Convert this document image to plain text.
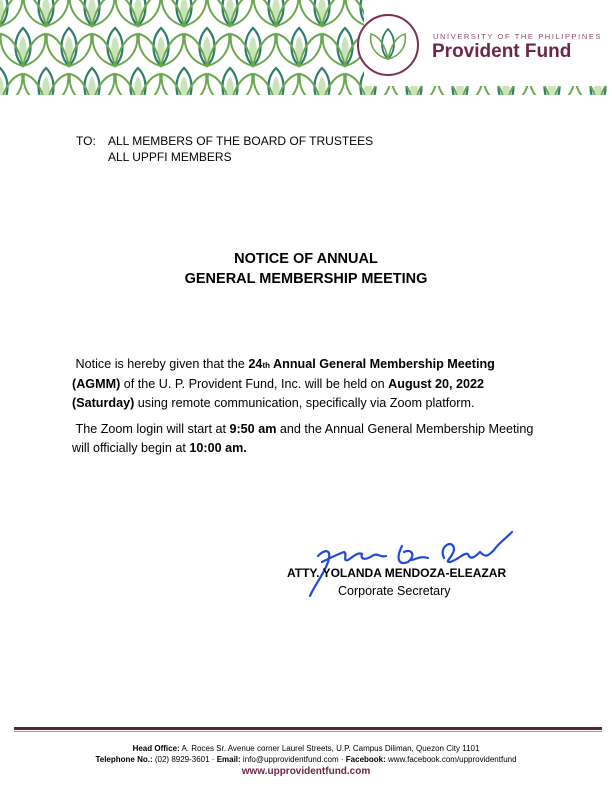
UNIVERSITY OF THE PHILIPPINES
Provident Fund
TO: ALL MEMBERS OF THE BOARD OF TRUSTEES
ALL UPPFI MEMBERS
NOTICE OF ANNUAL
GENERAL MEMBERSHIP MEETING
Notice is hereby given that the 24th Annual General Membership Meeting (AGMM) of the U. P. Provident Fund, Inc. will be held on August 20, 2022 (Saturday) using remote communication, specifically via Zoom platform.
The Zoom login will start at 9:50 am and the Annual General Membership Meeting will officially begin at 10:00 am.
ATTY. YOLANDA MENDOZA-ELEAZAR
Corporate Secretary
Head Office: A. Roces Sr. Avenue corner Laurel Streets, U.P. Campus Diliman, Quezon City 1101
Telephone No.: (02) 8929-3601 · Email: info@upprovidentfund.com · Facebook: www.facebook.com/upprovidentfund
www.upprovidentfund.com
